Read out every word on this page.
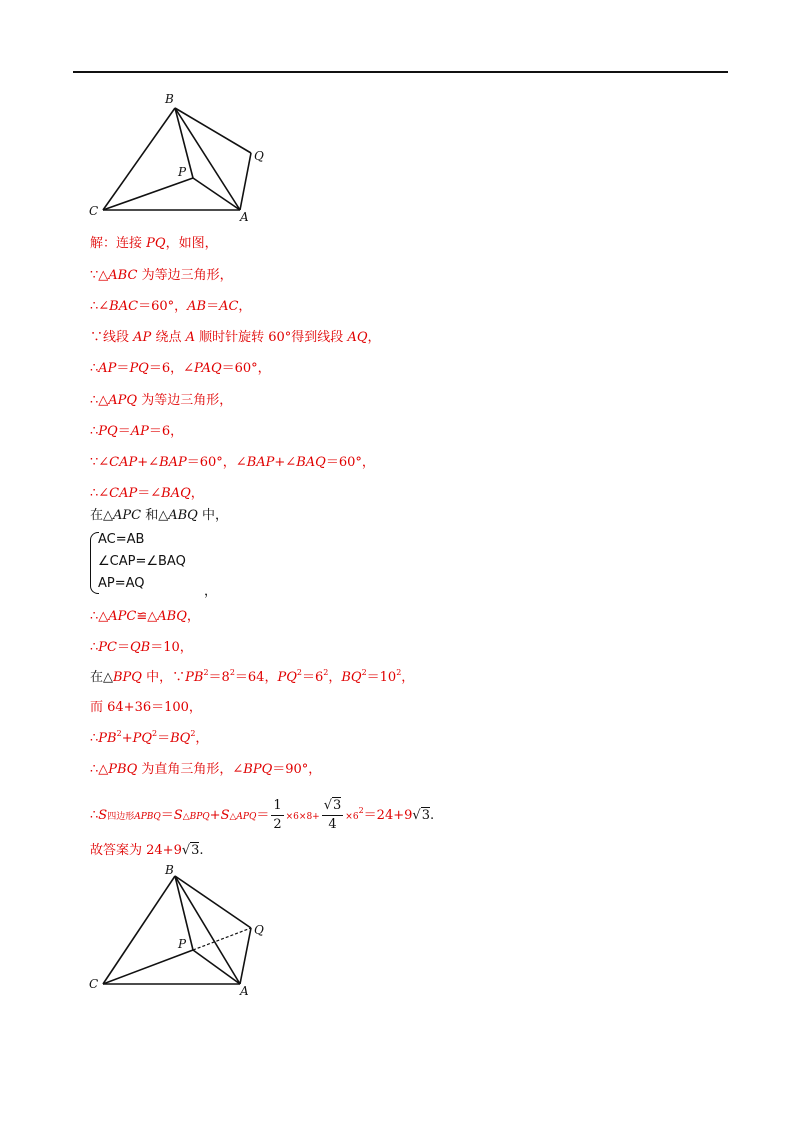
B
C	A
P
Q
解：连接 PQ，如图，
∵△ABC 为等边三角形，
∴∠BAC＝60°，AB＝AC，
∵线段 AP 绕点 A 顺时针旋转 60°得到线段 AQ，
∴AP＝PQ＝6，∠PAQ＝60°，
∴△APQ 为等边三角形，
∴PQ＝AP＝6，
∵∠CAP+∠BAP＝60°，∠BAP+∠BAQ＝60°，
∴∠CAP＝∠BAQ，
在△APC 和△ABQ 中，
AC=AB
∠CAP=∠BAQ
AP=AQ
，
∴△APC≌△ABQ，
∴PC＝QB＝10，
在△BPQ 中，$\because PB^2=8^2=64$，$PQ^2=6^2$，$BQ^2=10^2$，
而 64+36＝100，
$\therefore PB^2+PQ^2=BQ^2$，
∴△PBQ 为直角三角形，∠BPQ＝90°，
∴S四边形APBQ＝S△BPQ+S△APQ＝ $\frac{1}{2} \times 6\times 8+ \frac{√3}{4} \times 6^2=24+9√3$.
故答案为 24+9√3.
B
C	A
P
Q
